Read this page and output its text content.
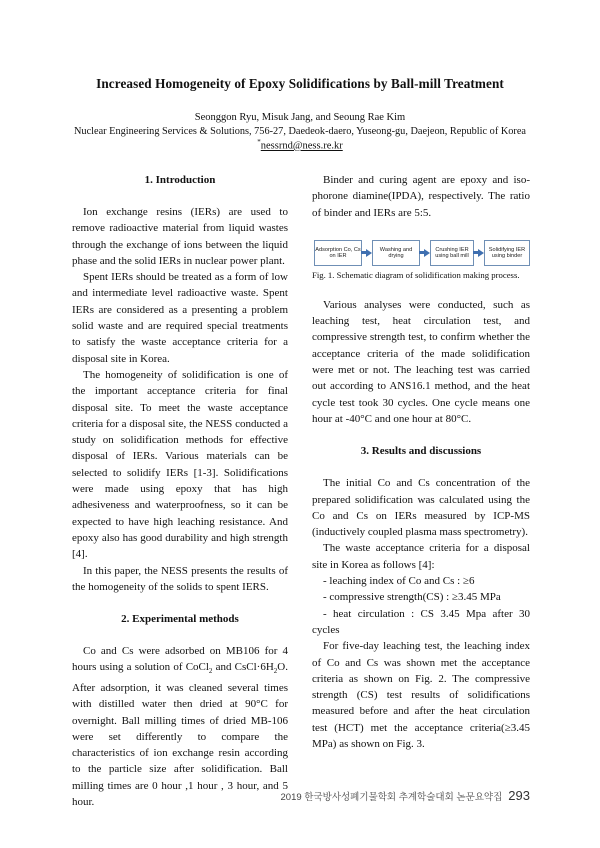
Increased Homogeneity of Epoxy Solidifications by Ball-mill Treatment
Seonggon Ryu, Misuk Jang, and Seoung Rae Kim
Nuclear Engineering Services & Solutions, 756-27, Daedeok-daero, Yuseong-gu, Daejeon, Republic of Korea
*nessrnd@ness.re.kr
1. Introduction

Ion exchange resins (IERs) are used to remove radioactive material from liquid wastes through the exchange of ions between the liquid phase and the solid IERs in nuclear power plant.

Spent IERs should be treated as a form of low and intermediate level radioactive waste. Spent IERs are considered as a presenting a problem solid waste and are required special treatments to satisfy the waste acceptance criteria for a disposal site in Korea.

The homogeneity of solidification is one of the important acceptance criteria for final disposal site. To meet the waste acceptance criteria for a disposal site, the NESS conducted a study on solidification methods for effective disposal of IERs. Various materials can be selected to solidify IERs [1-3]. Solidifications were made using epoxy that has high adhesiveness and waterproofness, so it can be expected to have high leaching resistance. And epoxy also has good durability and high strength [4].

In this paper, the NESS presents the results of the homogeneity of the solids to spent IERS.

2. Experimental methods

Co and Cs were adsorbed on MB106 for 4 hours using a solution of CoCl$_2$ and $CsCl\cdot 6H_2O$. After adsorption, it was cleaned several times with distilled water then dried at 90°C for overnight. Ball milling times of dried MB-106 were set differently to compare the characteristics of ion exchange resin according to the particle size after solidification. Ball milling times are 0 hour ,1 hour , 3 hour, and 5 hour.

Binder and curing agent are epoxy and iso-phorone diamine(IPDA), respectively. The ratio of binder and IERs are 5:5.

Adsorption Co, Cs on IER
Washing and drying
Crushing IER using ball mill
Solidifying IER using binder
Fig. 1. Schematic diagram of solidification making process.

Various analyses were conducted, such as leaching test, heat circulation test, and compressive strength test, to confirm whether the acceptance criteria of the made solidification were met or not. The leaching test was carried out according to ANS16.1 method, and the heat cycle test took 30 cycles. One cycle means one hour at -40°C and one hour at 80°C.

3. Results and discussions

The initial Co and Cs concentration of the prepared solidification was calculated using the Co and Cs on IERs measured by ICP-MS (inductively coupled plasma mass spectrometry).

The waste acceptance criteria for a disposal site in Korea as follows [4]:

- leaching index of Co and Cs : ≥6

- compressive strength(CS) : ≥3.45 MPa

- heat circulation : CS 3.45 Mpa after 30 cycles

For five-day leaching test, the leaching index of Co and Cs was shown met the acceptance criteria as shown on Fig. 2. The compressive strength (CS) test results of solidifications measured before and after the heat circulation test (HCT) met the acceptance criteria(≥3.45 MPa) as shown on Fig. 3.

2019 한국방사성폐기물학회 추계학술대회 논문요약집 293
